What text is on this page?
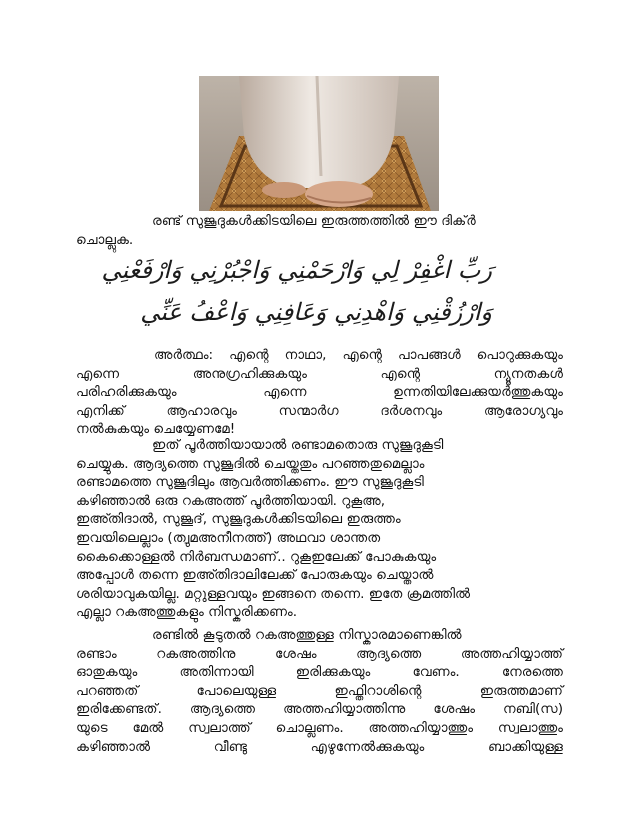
രണ്ട് സുജൂദുകൾക്കിടയിലെ ഇരുത്തത്തിൽ ഈ ദിക്ർ
ചൊല്ലുക.
رَبِّ اغْفِرْ لِي وَارْحَمْنِي وَاجْبُرْنِي وَارْفَعْنِي
وَارْزُقْنِي وَاهْدِنِي وَعَافِنِي وَاعْفُ عَنِّي
അർത്ഥം: എന്റെ നാഥാ, എന്റെ പാപങ്ങൾ പൊറുക്കുകയും
എന്നെ അനുഗ്രഹിക്കുകയും എന്റെ ന്യൂനതകൾ
പരിഹരിക്കുകയും എന്നെ ഉന്നതിയിലേക്കുയർത്തുകയും
എനിക്ക് ആഹാരവും സന്മാർഗ ദർശനവും ആരോഗ്യവും
നൽകുകയും ചെയ്യേണമേ!
ഇത് പൂർത്തിയായാൽ രണ്ടാമതൊരു സുജൂദുകൂടി
ചെയ്യുക. ആദ്യത്തെ സുജൂദിൽ ചെയ്തതും പറഞ്ഞതുമെല്ലാം
രണ്ടാമത്തെ സുജൂദിലും ആവർത്തിക്കണം. ഈ സുജൂദുകൂടി
കഴിഞ്ഞാൽ ഒരു റകഅത്ത് പൂർത്തിയായി. റുകൂഅ,
ഇഅ്തിദാൽ, സുജൂദ്, സുജൂദുകൾക്കിടയിലെ ഇരുത്തം
ഇവയിലെല്ലാം (ത്വുമഅനീനത്ത്) അഥവാ ശാന്തത
കൈക്കൊള്ളൽ നിർബന്ധമാണ്.. റുകൂഇലേക്ക് പോകുകയും
അപ്പോൾ തന്നെ ഇഅ്തിദാലിലേക്ക് പോരുകയും ചെയ്താൽ
ശരിയാവുകയില്ല. മറ്റുള്ളവയും ഇങ്ങനെ തന്നെ. ഇതേ ക്രമത്തിൽ
എല്ലാ റകഅത്തുകളും നിസ്കരിക്കണം.
രണ്ടിൽ കൂടുതൽ റകഅത്തുള്ള നിസ്കാരമാണെങ്കിൽ
രണ്ടാം റകഅത്തിനു ശേഷം ആദ്യത്തെ അത്തഹിയ്യാത്ത്
ഓതുകയും അതിന്നായി ഇരിക്കുകയും വേണം. നേരത്തെ
പറഞ്ഞത് പോലെയുള്ള ഇഫ്തിറാശിന്റെ ഇരുത്തമാണ്
ഇരിക്കേണ്ടത്. ആദ്യത്തെ അത്തഹിയ്യാത്തിന്നു ശേഷം നബി(സ)
യുടെ മേൽ സ്വലാത്ത് ചൊല്ലണം. അത്തഹിയ്യാത്തും സ്വലാത്തും
കഴിഞ്ഞാൽ വീണ്ടു എഴുന്നേൽക്കുകയും ബാക്കിയുള്ള
